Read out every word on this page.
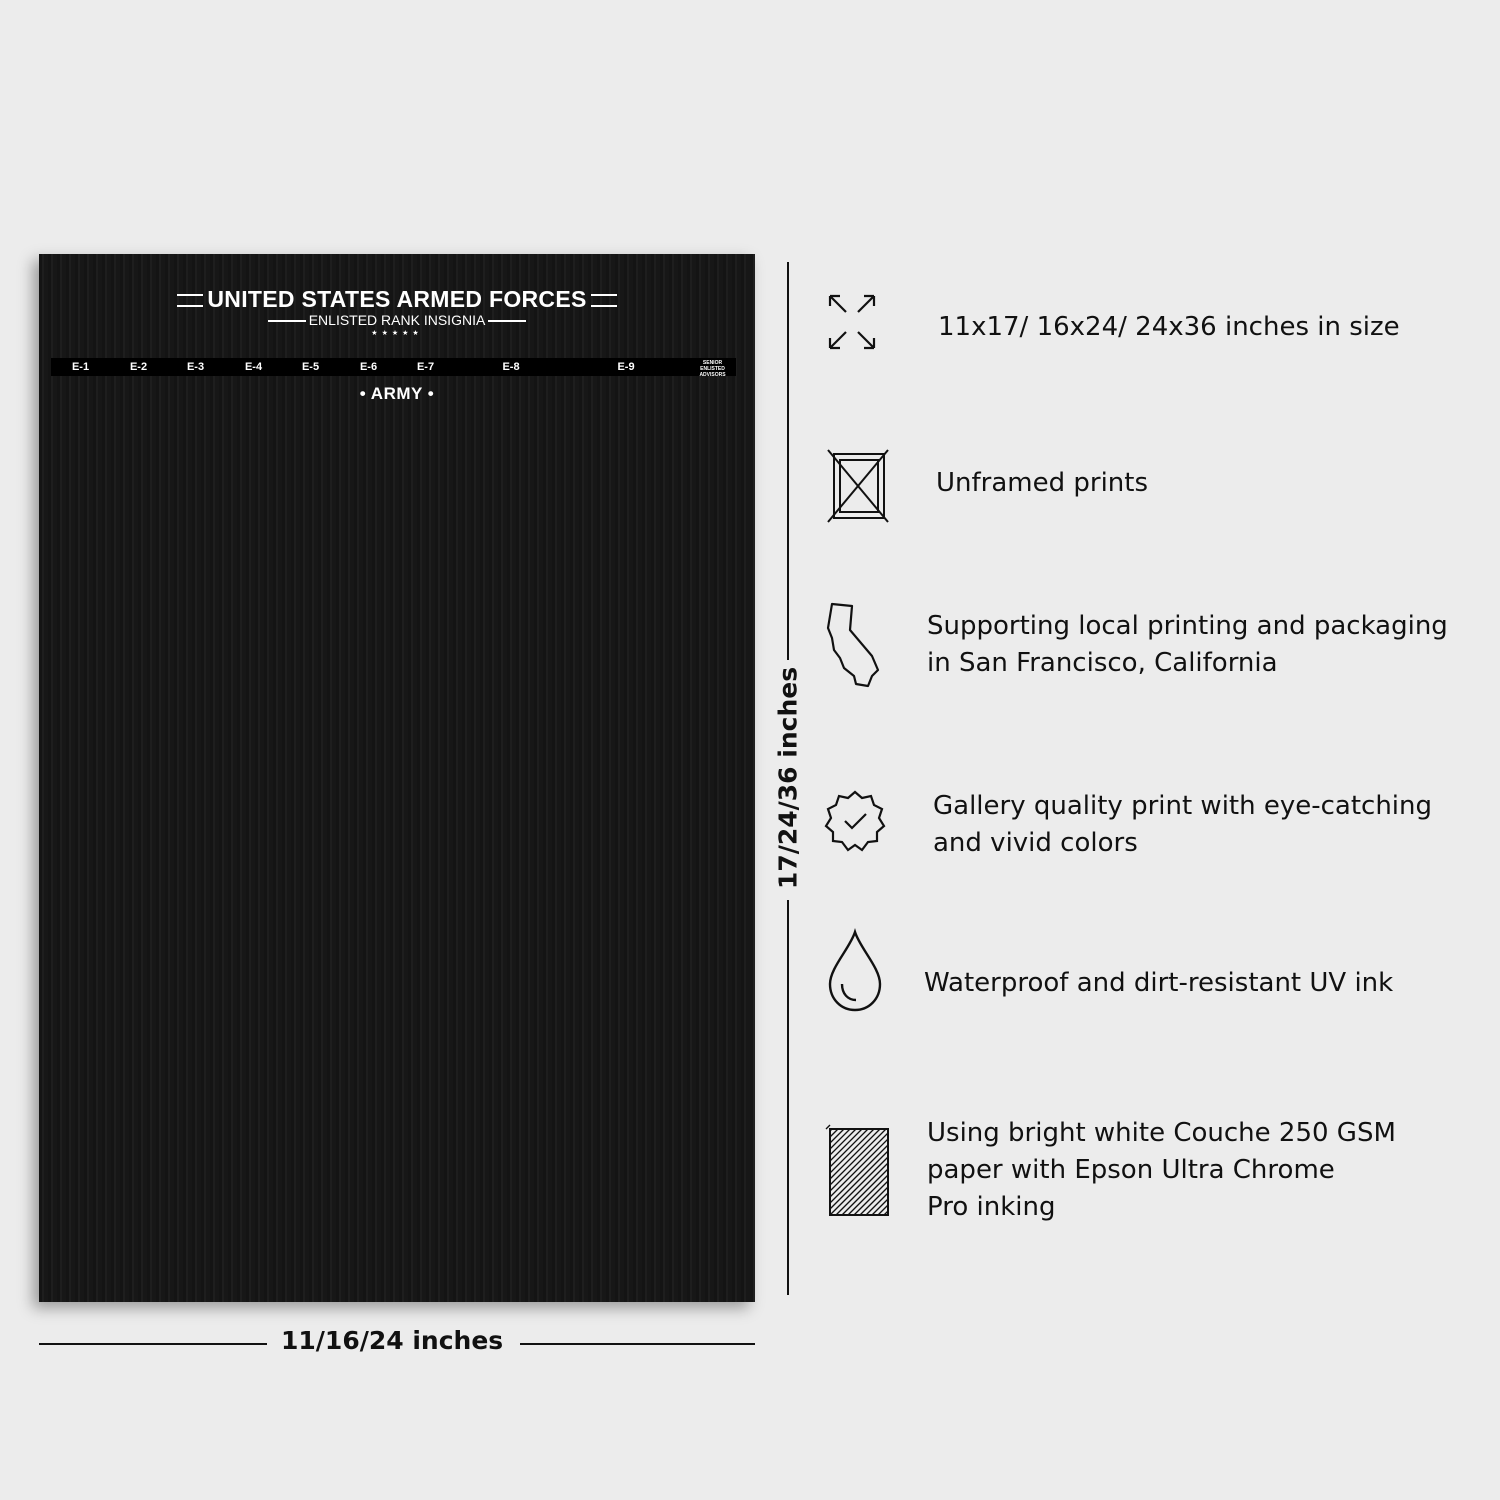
UNITED STATES ARMED FORCES
ENLISTED RANK INSIGNIA
★★★★★
E-1	E-2	E-3	E-4	E-5	E-6	E-7	E-8	E-9	SENIOR
ENLISTED
ADVISORS
• ARMY •
17/24/36 inches
11/16/24 inches
11x17/ 16x24/ 24x36 inches in size
Unframed prints
Supporting local printing and packaging
in San Francisco, California
Gallery quality print with eye-catching
and vivid colors
Waterproof and dirt-resistant UV ink
Using bright white Couche 250 GSM
paper with Epson Ultra Chrome
Pro inking
